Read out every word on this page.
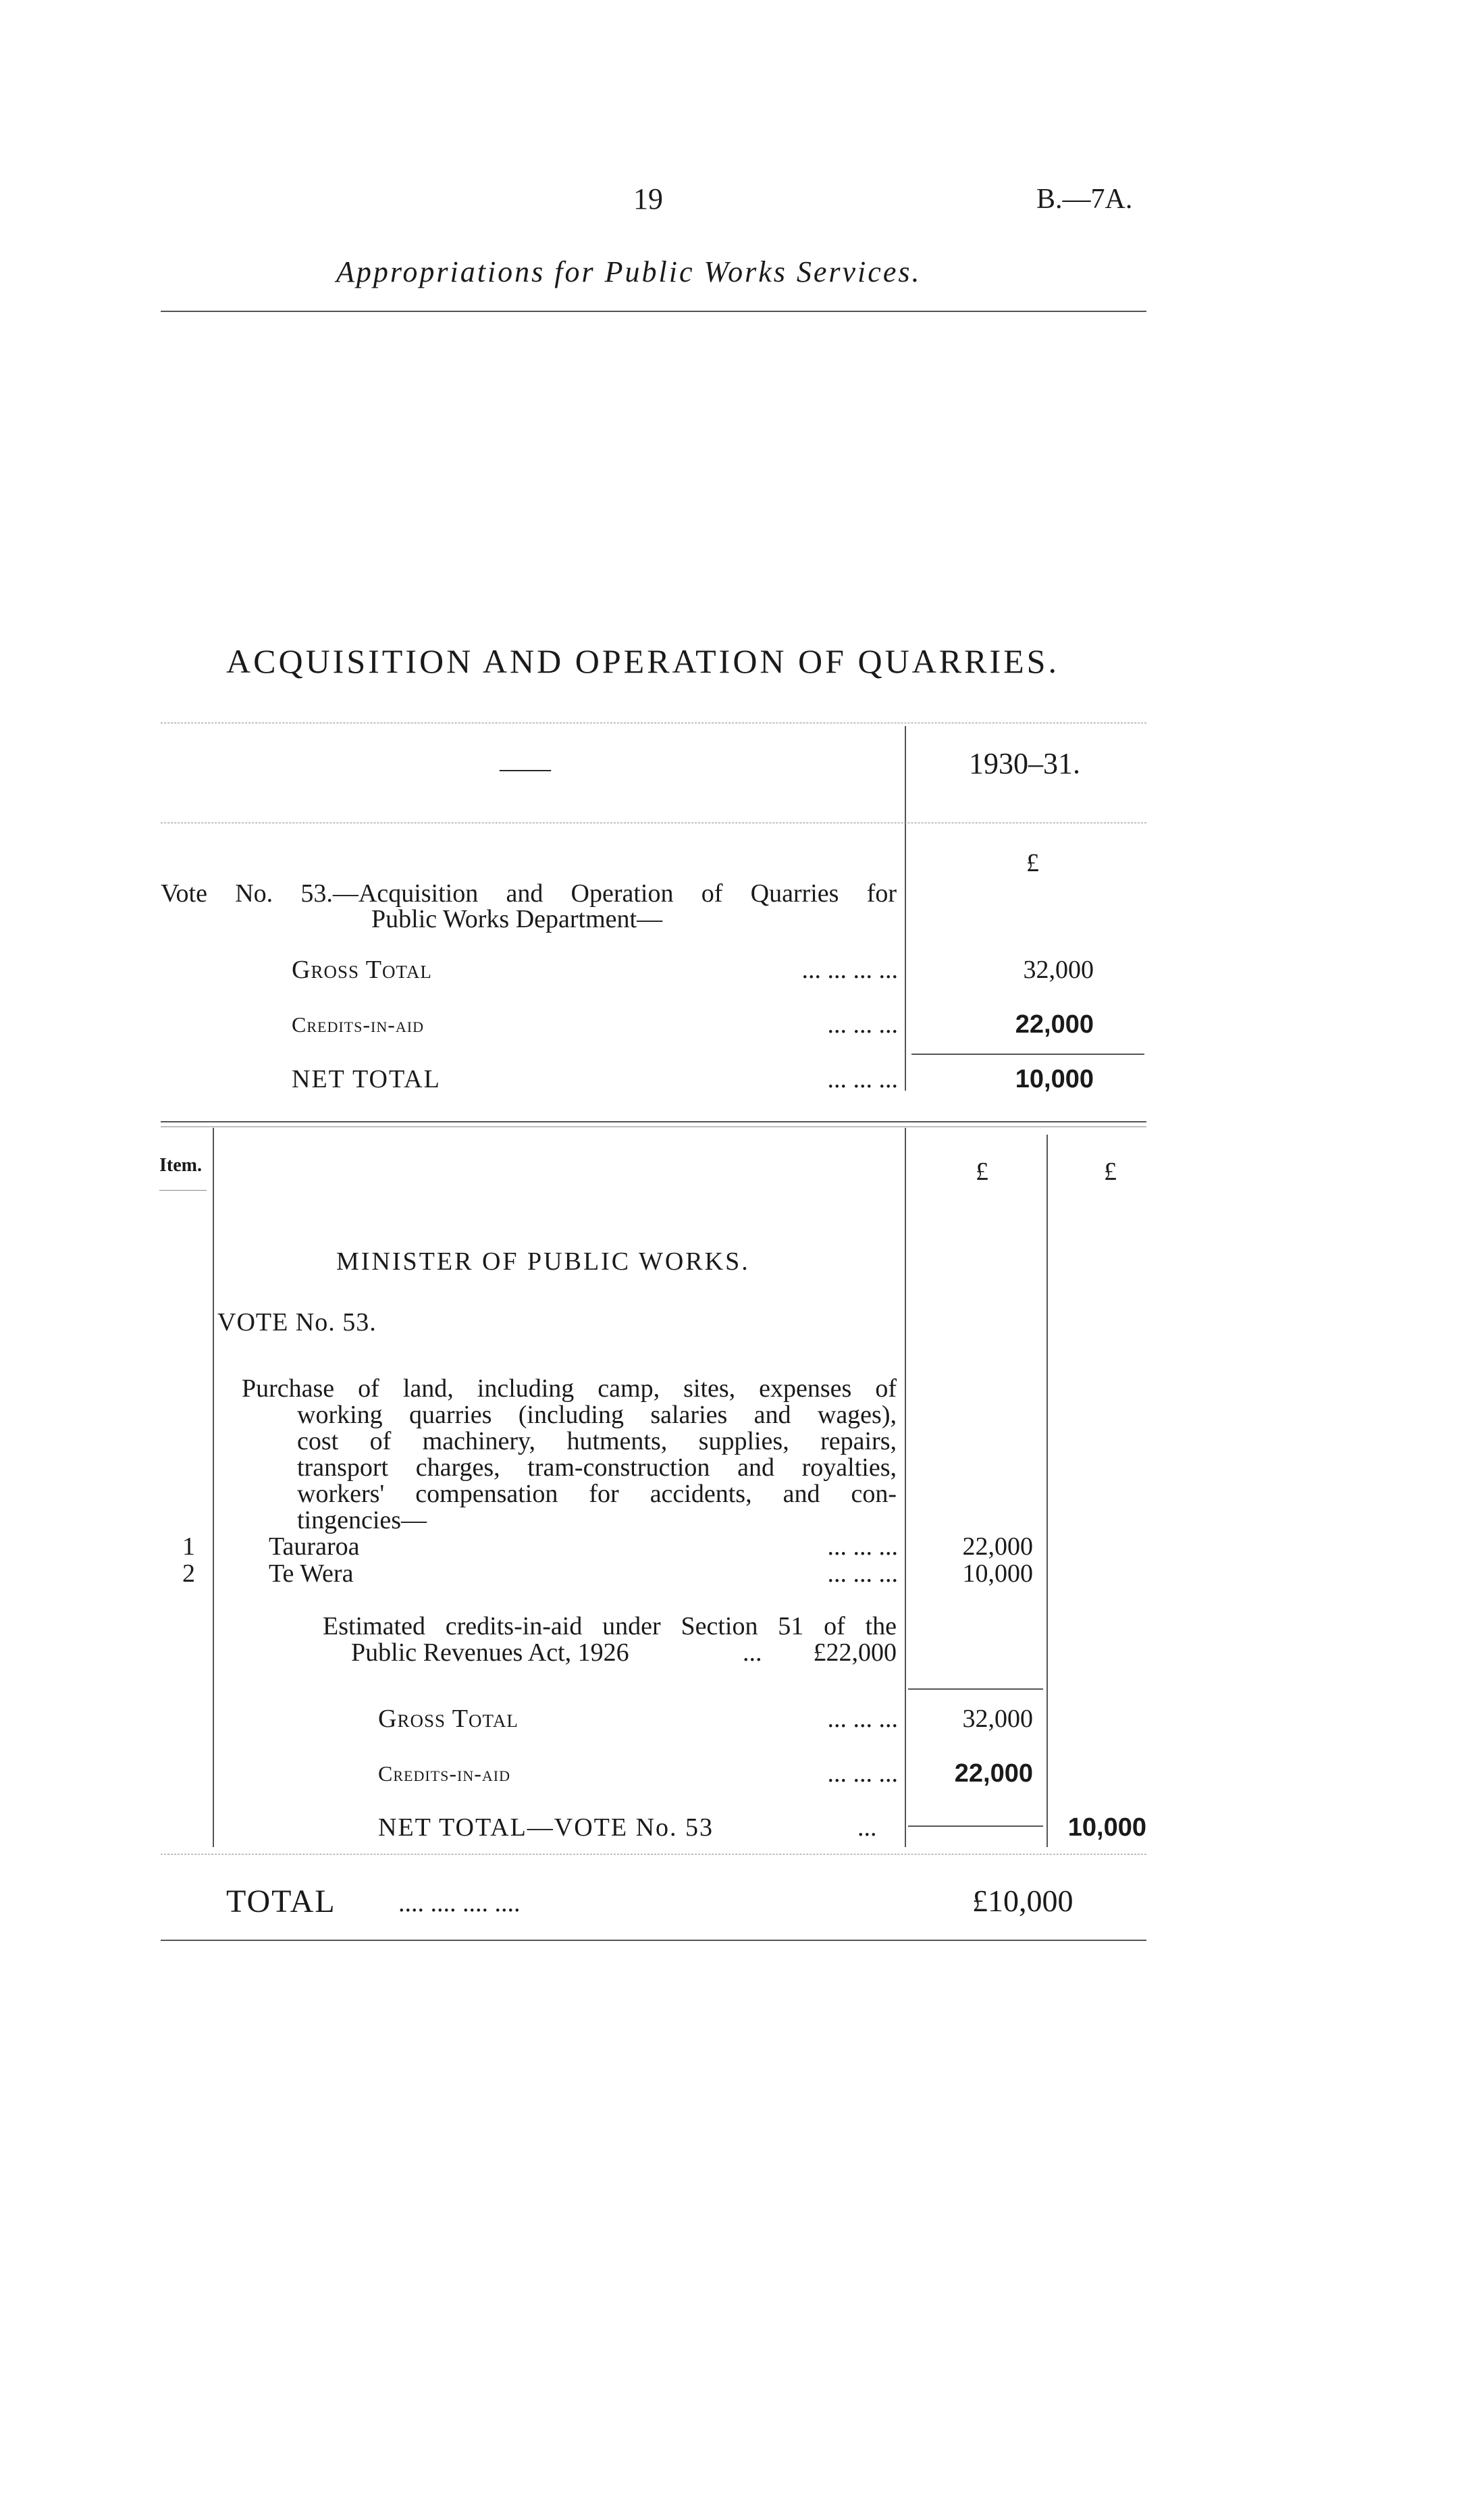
19	B.—7A.
Appropriations for Public Works Services.
ACQUISITION AND OPERATION OF QUARRIES.
——	1930–31.
£
Vote No. 53.—Acquisition and Operation of Quarries for
Public Works Department—
Gross Total	... ... ... ...	32,000
Credits-in-aid	... ... ...	22,000
NET TOTAL	... ... ...	10,000
Item.	£	£
MINISTER OF PUBLIC WORKS.
VOTE No. 53.
Purchase of land, including camp, sites, expenses of
working quarries (including salaries and wages),
cost of machinery, hutments, supplies, repairs,
transport charges, tram-construction and royalties,
workers' compensation for accidents, and con-
tingencies—
1	Tauraroa	... ... ...	22,000
2	Te Wera	... ... ...	10,000
Estimated credits-in-aid under Section 51 of the
Public Revenues Act, 1926	...	£22,000
Gross Total	... ... ...	32,000
Credits-in-aid	... ... ...	22,000
NET TOTAL—VOTE No. 53	...	10,000
TOTAL .... .... .... ....	£10,000
